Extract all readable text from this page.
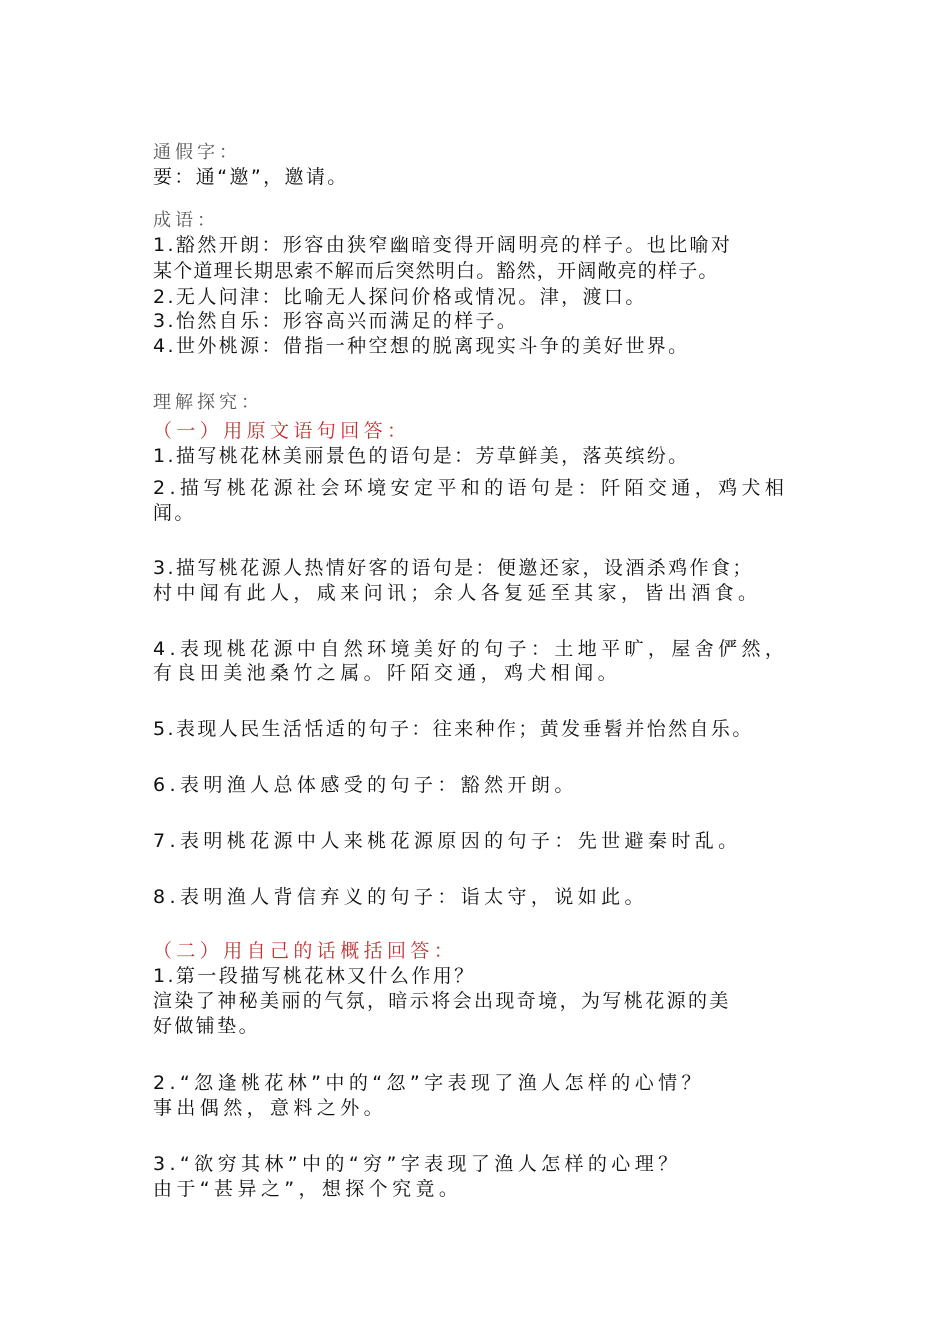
通假字：
要：通“邀”，邀请。
成语：
1.豁然开朗：形容由狭窄幽暗变得开阔明亮的样子。也比喻对
某个道理长期思索不解而后突然明白。豁然，开阔敞亮的样子。
2.无人问津：比喻无人探问价格或情况。津，渡口。
3.怡然自乐：形容高兴而满足的样子。
4.世外桃源：借指一种空想的脱离现实斗争的美好世界。
理解探究：
（一）用原文语句回答：
1.描写桃花林美丽景色的语句是：芳草鲜美，落英缤纷。
2.描写桃花源社会环境安定平和的语句是：阡陌交通，鸡犬相
闻。
3.描写桃花源人热情好客的语句是：便邀还家，设酒杀鸡作食；
村中闻有此人，咸来问讯；余人各复延至其家，皆出酒食。
4.表现桃花源中自然环境美好的句子：土地平旷，屋舍俨然，
有良田美池桑竹之属。阡陌交通，鸡犬相闻。
5.表现人民生活恬适的句子：往来种作；黄发垂髫并怡然自乐。
6.表明渔人总体感受的句子：豁然开朗。
7.表明桃花源中人来桃花源原因的句子：先世避秦时乱。
8.表明渔人背信弃义的句子：诣太守，说如此。
（二）用自己的话概括回答：
1.第一段描写桃花林又什么作用？
渲染了神秘美丽的气氛，暗示将会出现奇境，为写桃花源的美
好做铺垫。
2.“忽逢桃花林”中的“忽”字表现了渔人怎样的心情？
事出偶然，意料之外。
3.“欲穷其林”中的“穷”字表现了渔人怎样的心理？
由于“甚异之”，想探个究竟。
